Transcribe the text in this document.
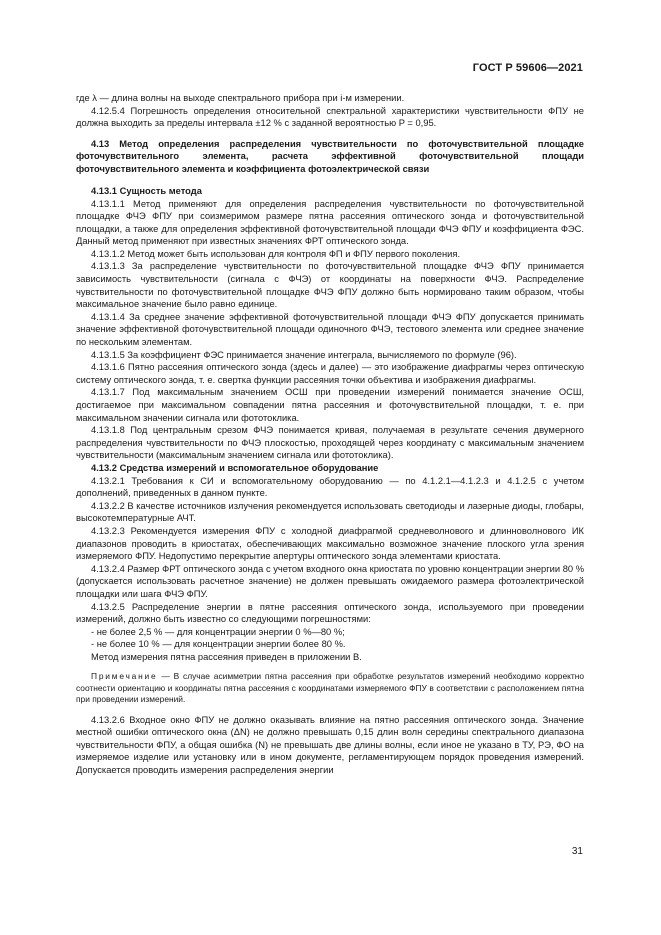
ГОСТ Р 59606—2021

где λ — длина волны на выходе спектрального прибора при i-м измерении.

4.12.5.4 Погрешность определения относительной спектральной характеристики чувствительности ФПУ не должна выходить за пределы интервала ±12 % с заданной вероятностью P = 0,95.

4.13 Метод определения распределения чувствительности по фоточувствительной площадке фоточувствительного элемента, расчета эффективной фоточувствительной площади фоточувствительного элемента и коэффициента фотоэлектрической связи

4.13.1 Сущность метода

4.13.1.1 Метод применяют для определения распределения чувствительности по фоточувствительной площадке ФЧЭ ФПУ при соизмеримом размере пятна рассеяния оптического зонда и фоточувствительной площадки, а также для определения эффективной фоточувствительной площади ФЧЭ ФПУ и коэффициента ФЭС. Данный метод применяют при известных значениях ФРТ оптического зонда.

4.13.1.2 Метод может быть использован для контроля ФП и ФПУ первого поколения.

4.13.1.3 За распределение чувствительности по фоточувствительной площадке ФЧЭ ФПУ принимается зависимость чувствительности (сигнала с ФЧЭ) от координаты на поверхности ФЧЭ. Распределение чувствительности по фоточувствительной площадке ФЧЭ ФПУ должно быть нормировано таким образом, чтобы максимальное значение было равно единице.

4.13.1.4 За среднее значение эффективной фоточувствительной площади ФЧЭ ФПУ допускается принимать значение эффективной фоточувствительной площади одиночного ФЧЭ, тестового элемента или среднее значение по нескольким элементам.

4.13.1.5 За коэффициент ФЭС принимается значение интеграла, вычисляемого по формуле (96).

4.13.1.6 Пятно рассеяния оптического зонда (здесь и далее) — это изображение диафрагмы через оптическую систему оптического зонда, т. е. свертка функции рассеяния точки объектива и изображения диафрагмы.

4.13.1.7 Под максимальным значением ОСШ при проведении измерений понимается значение ОСШ, достигаемое при максимальном совпадении пятна рассеяния и фоточувствительной площадки, т. е. при максимальном значении сигнала или фототоклика.

4.13.1.8 Под центральным срезом ФЧЭ понимается кривая, получаемая в результате сечения двумерного распределения чувствительности по ФЧЭ плоскостью, проходящей через координату с максимальным значением чувствительности (максимальным значением сигнала или фототоклика).

4.13.2 Средства измерений и вспомогательное оборудование

4.13.2.1 Требования к СИ и вспомогательному оборудованию — по 4.1.2.1—4.1.2.3 и 4.1.2.5 с учетом дополнений, приведенных в данном пункте.

4.13.2.2 В качестве источников излучения рекомендуется использовать светодиоды и лазерные диоды, глобары, высокотемпературные АЧТ.

4.13.2.3 Рекомендуется измерения ФПУ с холодной диафрагмой средневолнового и длинноволнового ИК диапазонов проводить в криостатах, обеспечивающих максимально возможное значение плоского угла зрения измеряемого ФПУ. Недопустимо перекрытие апертуры оптического зонда элементами криостата.

4.13.2.4 Размер ФРТ оптического зонда с учетом входного окна криостата по уровню концентрации энергии 80 % (допускается использовать расчетное значение) не должен превышать ожидаемого размера фотоэлектрической площадки или шага ФЧЭ ФПУ.

4.13.2.5 Распределение энергии в пятне рассеяния оптического зонда, используемого при проведении измерений, должно быть известно со следующими погрешностями:

- не более 2,5 % — для концентрации энергии 0 %—80 %;

- не более 10 % — для концентрации энергии более 80 %.

Метод измерения пятна рассеяния приведен в приложении В.

Примечание — В случае асимметрии пятна рассеяния при обработке результатов измерений необходимо корректно соотнести ориентацию и координаты пятна рассеяния с координатами измеряемого ФПУ в соответствии с расположением пятна при проведении измерений.

4.13.2.6 Входное окно ФПУ не должно оказывать влияние на пятно рассеяния оптического зонда. Значение местной ошибки оптического окна (ΔN) не должно превышать 0,15 длин волн середины спектрального диапазона чувствительности ФПУ, а общая ошибка (N) не превышать две длины волны, если иное не указано в ТУ, РЭ, ФО на измеряемое изделие или установку или в ином документе, регламентирующем порядок проведения измерений. Допускается проводить измерения распределения энергии

31
